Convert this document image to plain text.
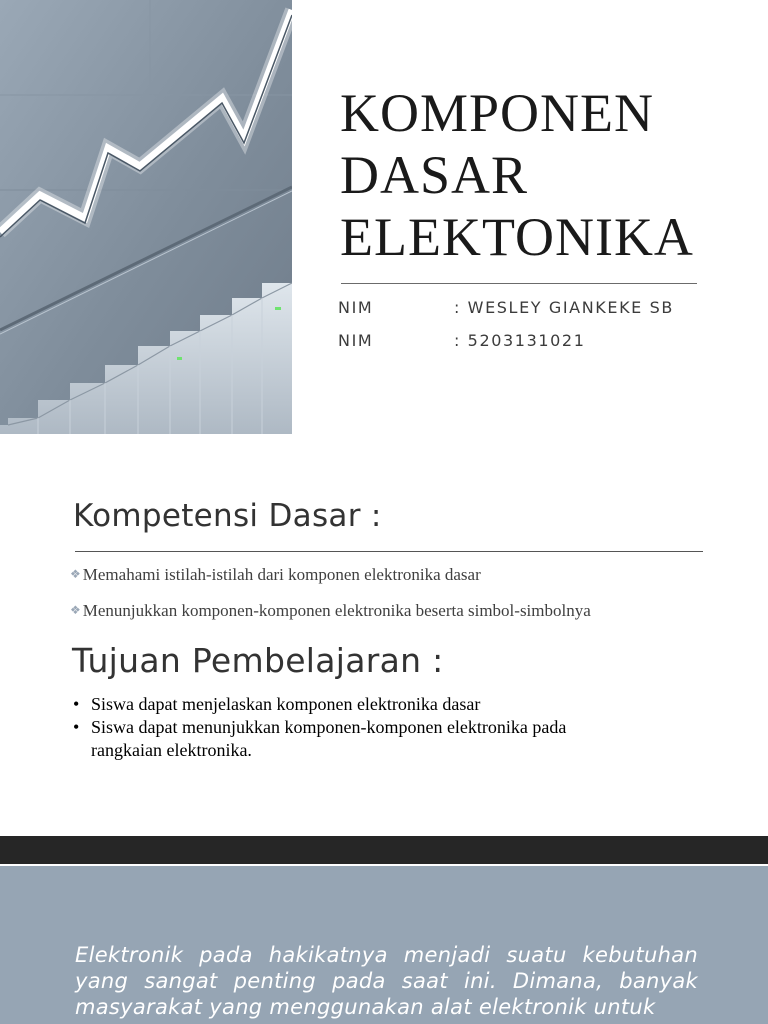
KOMPONEN
DASAR
ELEKTONIKA
NIM	: WESLEY GIANKEKE SB
NIM	: 5203131021
Kompetensi Dasar :
❖ Memahami istilah-istilah dari komponen elektronika dasar
❖ Menunjukkan komponen-komponen elektronika beserta simbol-simbolnya
Tujuan Pembelajaran :
• Siswa dapat menjelaskan komponen elektronika dasar
• Siswa dapat menunjukkan komponen-komponen elektronika pada rangkaian elektronika.

Elektronik pada hakikatnya menjadi suatu kebutuhan yang sangat penting pada saat ini. Dimana, banyak masyarakat yang menggunakan alat elektronik untuk
